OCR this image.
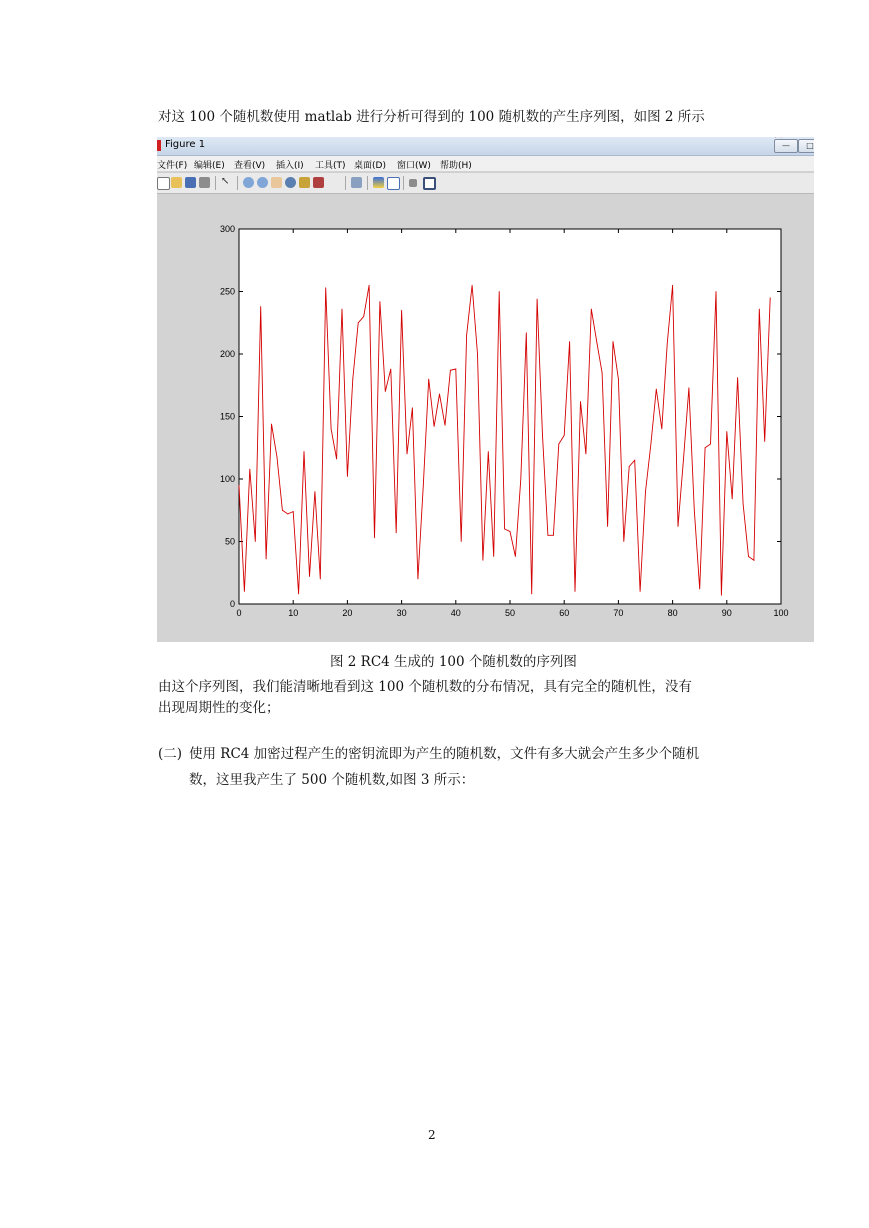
对这 100 个随机数使用 matlab 进行分析可得到的 100 随机数的产生序列图，如图 2 所示
Figure 1	—	□
文件(F) 编辑(E) 查看(V) 插入(I) 工具(T) 桌面(D) 窗口(W) 帮助(H)
↖
0	10	20	30	40	50	60	70	80	90	100
0
50
100
150
200
250
300
图 2 RC4 生成的 100 个随机数的序列图
由这个序列图，我们能清晰地看到这 100 个随机数的分布情况，具有完全的随机性，没有
出现周期性的变化；
(二) 使用 RC4 加密过程产生的密钥流即为产生的随机数，文件有多大就会产生多少个随机
数，这里我产生了 500 个随机数,如图 3 所示：
2
